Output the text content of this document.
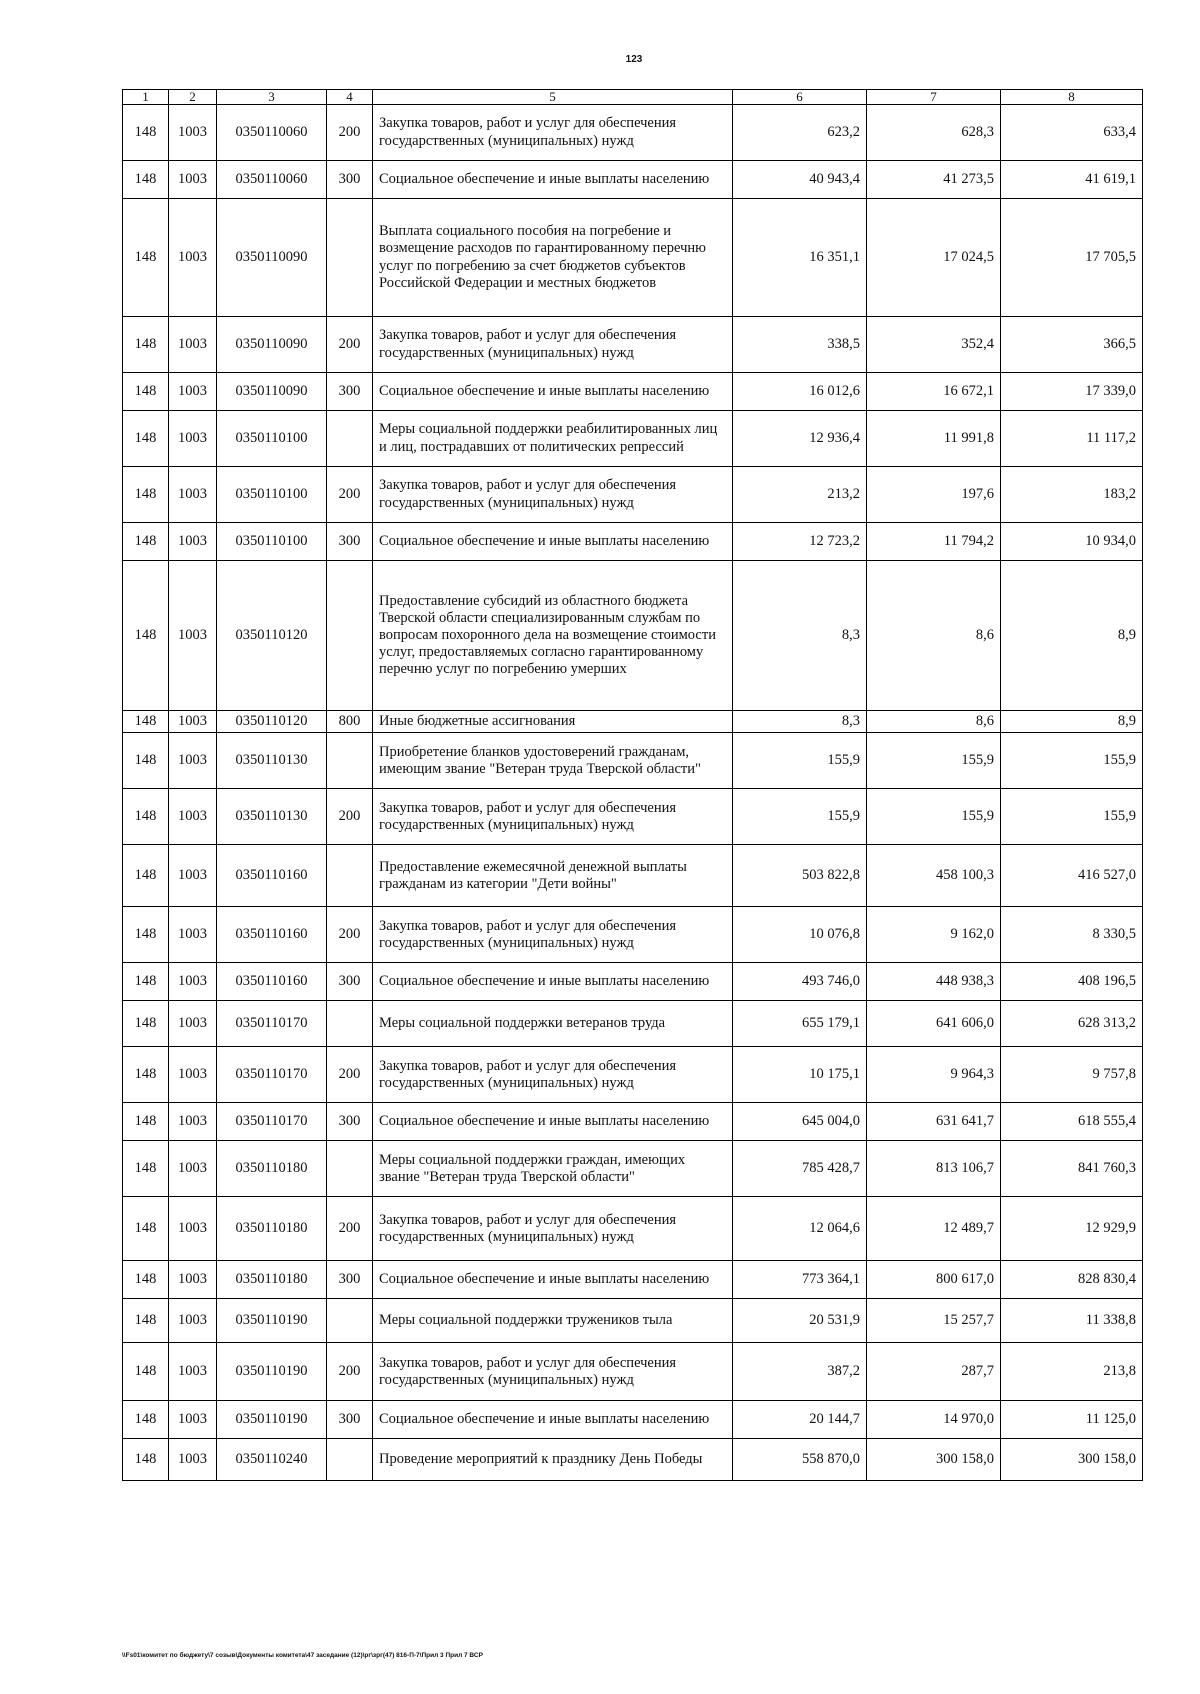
123
1	2	3	4	5	6	7	8
148	1003	0350110060	200	Закупка товаров, работ и услуг для обеспечения государственных (муниципальных) нужд	623,2	628,3	633,4
148	1003	0350110060	300	Социальное обеспечение и иные выплаты населению	40 943,4	41 273,5	41 619,1
148	1003	0350110090		Выплата социального пособия на погребение и возмещение расходов по гарантированному перечню услуг по погребению за счет бюджетов субъектов Российской Федерации и местных бюджетов	16 351,1	17 024,5	17 705,5
148	1003	0350110090	200	Закупка товаров, работ и услуг для обеспечения государственных (муниципальных) нужд	338,5	352,4	366,5
148	1003	0350110090	300	Социальное обеспечение и иные выплаты населению	16 012,6	16 672,1	17 339,0
148	1003	0350110100		Меры социальной поддержки реабилитированных лиц и лиц, пострадавших от политических репрессий	12 936,4	11 991,8	11 117,2
148	1003	0350110100	200	Закупка товаров, работ и услуг для обеспечения государственных (муниципальных) нужд	213,2	197,6	183,2
148	1003	0350110100	300	Социальное обеспечение и иные выплаты населению	12 723,2	11 794,2	10 934,0
148	1003	0350110120		Предоставление субсидий из областного бюджета Тверской области специализированным службам по вопросам похоронного дела на возмещение стоимости услуг, предоставляемых согласно гарантированному перечню услуг по погребению умерших	8,3	8,6	8,9
148	1003	0350110120	800	Иные бюджетные ассигнования	8,3	8,6	8,9
148	1003	0350110130		Приобретение бланков удостоверений гражданам, имеющим звание "Ветеран труда Тверской области"	155,9	155,9	155,9
148	1003	0350110130	200	Закупка товаров, работ и услуг для обеспечения государственных (муниципальных) нужд	155,9	155,9	155,9
148	1003	0350110160		Предоставление ежемесячной денежной выплаты гражданам из категории "Дети войны"	503 822,8	458 100,3	416 527,0
148	1003	0350110160	200	Закупка товаров, работ и услуг для обеспечения государственных (муниципальных) нужд	10 076,8	9 162,0	8 330,5
148	1003	0350110160	300	Социальное обеспечение и иные выплаты населению	493 746,0	448 938,3	408 196,5
148	1003	0350110170		Меры социальной поддержки ветеранов труда	655 179,1	641 606,0	628 313,2
148	1003	0350110170	200	Закупка товаров, работ и услуг для обеспечения государственных (муниципальных) нужд	10 175,1	9 964,3	9 757,8
148	1003	0350110170	300	Социальное обеспечение и иные выплаты населению	645 004,0	631 641,7	618 555,4
148	1003	0350110180		Меры социальной поддержки граждан, имеющих звание "Ветеран труда Тверской области"	785 428,7	813 106,7	841 760,3
148	1003	0350110180	200	Закупка товаров, работ и услуг для обеспечения государственных (муниципальных) нужд	12 064,6	12 489,7	12 929,9
148	1003	0350110180	300	Социальное обеспечение и иные выплаты населению	773 364,1	800 617,0	828 830,4
148	1003	0350110190		Меры социальной поддержки тружеников тыла	20 531,9	15 257,7	11 338,8
148	1003	0350110190	200	Закупка товаров, работ и услуг для обеспечения государственных (муниципальных) нужд	387,2	287,7	213,8
148	1003	0350110190	300	Социальное обеспечение и иные выплаты населению	20 144,7	14 970,0	11 125,0
148	1003	0350110240		Проведение мероприятий к празднику День Победы	558 870,0	300 158,0	300 158,0
\\Fs01\комитет по бюджету\7 созыв\Документы комитета\47 заседание (12)\рг\зрг(47) 816-П-7\Прил 3 Прил 7 ВСР
